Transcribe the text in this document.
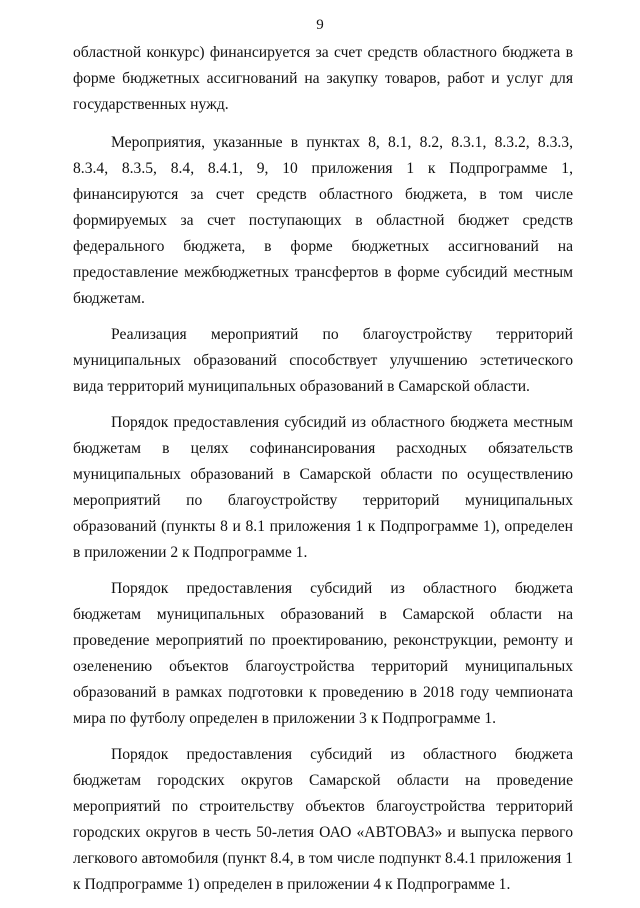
9

областной конкурс) финансируется за счет средств областного бюджета в форме бюджетных ассигнований на закупку товаров, работ и услуг для государственных нужд.

Мероприятия, указанные в пунктах 8, 8.1, 8.2, 8.3.1, 8.3.2, 8.3.3, 8.3.4, 8.3.5, 8.4, 8.4.1, 9, 10 приложения 1 к Подпрограмме 1, финансируются за счет средств областного бюджета, в том числе формируемых за счет поступающих в областной бюджет средств федерального бюджета, в форме бюджетных ассигнований на предоставление межбюджетных трансфертов в форме субсидий местным бюджетам.

Реализация мероприятий по благоустройству территорий муниципальных образований способствует улучшению эстетического вида территорий муниципальных образований в Самарской области.

Порядок предоставления субсидий из областного бюджета местным бюджетам в целях софинансирования расходных обязательств муниципальных образований в Самарской области по осуществлению мероприятий по благоустройству территорий муниципальных образований (пункты 8 и 8.1 приложения 1 к Подпрограмме 1), определен в приложении 2 к Подпрограмме 1.

Порядок предоставления субсидий из областного бюджета бюджетам муниципальных образований в Самарской области на проведение мероприятий по проектированию, реконструкции, ремонту и озеленению объектов благоустройства территорий муниципальных образований в рамках подготовки к проведению в 2018 году чемпионата мира по футболу определен в приложении 3 к Подпрограмме 1.

Порядок предоставления субсидий из областного бюджета бюджетам городских округов Самарской области на проведение мероприятий по строительству объектов благоустройства территорий городских округов в честь 50-летия ОАО «АВТОВАЗ» и выпуска первого легкового автомобиля (пункт 8.4, в том числе подпункт 8.4.1 приложения 1 к Подпрограмме 1) определен в приложении 4 к Подпрограмме 1.
